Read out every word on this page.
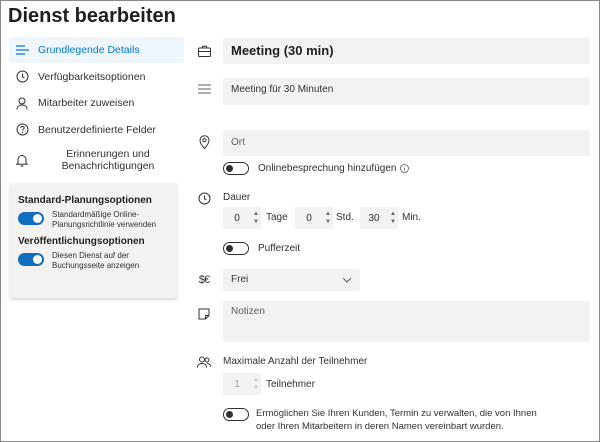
Dienst bearbeiten
Grundlegende Details
Verfügbarkeitsoptionen
Mitarbeiter zuweisen
Benutzerdefinierte Felder
Erinnerungen und Benachrichtigungen
Standard-Planungsoptionen
Standardmäßige Online-Planungsrichtlinie verwenden
Veröffentlichungsoptionen
Diesen Dienst auf der Buchungsseite anzeigen
Meeting (30 min)
Meeting für 30 Minuten
Ort
Onlinebesprechung hinzufügen
Dauer
0	▲
▼ Tage	0	▲
▼ Std.	30	▲
▼ Min.
Pufferzeit
$€ Frei
Notizen
Maximale Anzahl der Teilnehmer
1	▲
▼ Teilnehmer
Ermöglichen Sie Ihren Kunden, Termin zu verwalten, die von Ihnen
oder Ihren Mitarbeitern in deren Namen vereinbart wurden.
